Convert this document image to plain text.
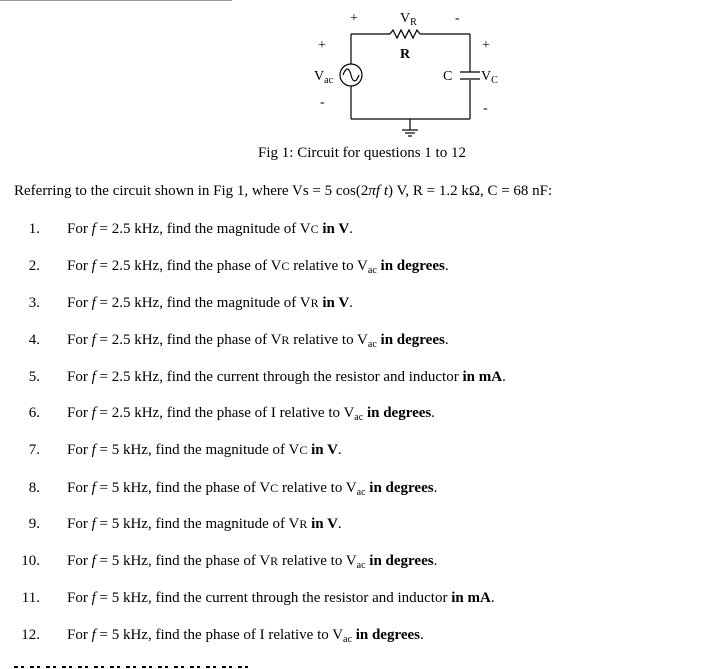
+	$V_R$	-
R
+
$V_{ac}$
-
C
+
$V_C$
-
Fig 1: Circuit for questions 1 to 12
Referring to the circuit shown in Fig 1, where Vs = 5 cos(2πf t) V, R = 1.2 kΩ, C = 68 nF:
1. For f = 2.5 kHz, find the magnitude of VC in V.
2. For f = 2.5 kHz, find the phase of VC relative to $V_{ac}$ in degrees.
3. For f = 2.5 kHz, find the magnitude of VR in V.
4. For f = 2.5 kHz, find the phase of VR relative to $V_{ac}$ in degrees.
5. For f = 2.5 kHz, find the current through the resistor and inductor in mA.
6. For f = 2.5 kHz, find the phase of I relative to $V_{ac}$ in degrees.
7. For f = 5 kHz, find the magnitude of VC in V.
8. For f = 5 kHz, find the phase of VC relative to $V_{ac}$ in degrees.
9. For f = 5 kHz, find the magnitude of VR in V.
10. For f = 5 kHz, find the phase of VR relative to $V_{ac}$ in degrees.
11. For f = 5 kHz, find the current through the resistor and inductor in mA.
12. For f = 5 kHz, find the phase of I relative to $V_{ac}$ in degrees.
